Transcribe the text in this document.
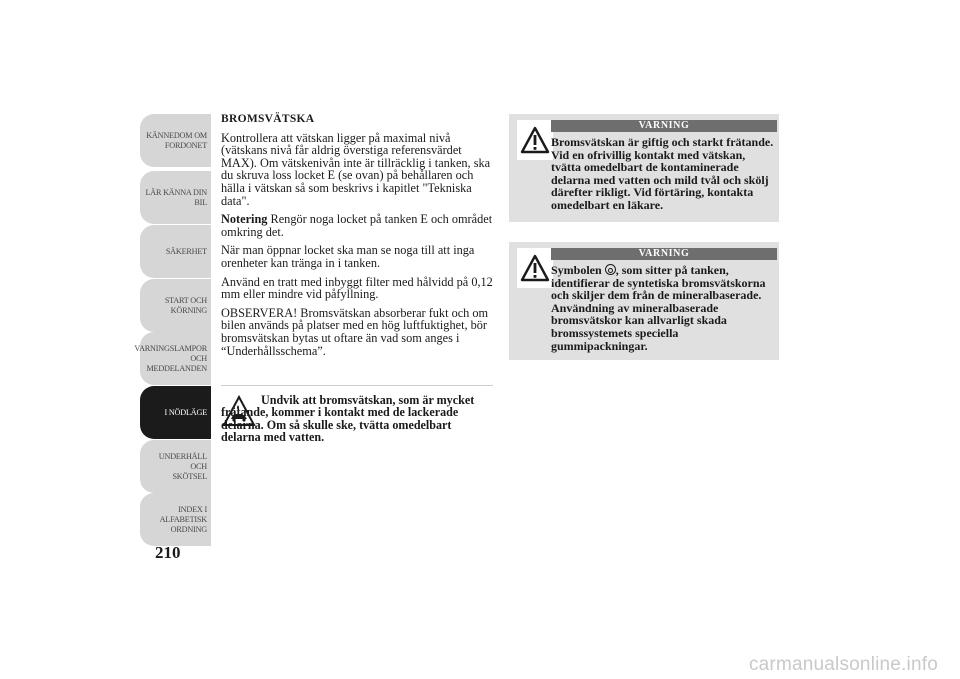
KÄNNEDOM OM
FORDONET
LÄR KÄNNA DIN
BIL
SÄKERHET
START OCH
KÖRNING
VARNINGSLAMPOR
OCH
MEDDELANDEN
I NÖDLÄGE
UNDERHÅLL OCH
SKÖTSEL
INDEX I
ALFABETISK
ORDNING
210

BROMSVÄTSKA

Kontrollera att vätskan ligger på maximal nivå (vätskans nivå får aldrig överstiga referensvärdet MAX). Om vätskenivån inte är tillräcklig i tanken, ska du skruva loss locket E (se ovan) på behållaren och hälla i vätskan så som beskrivs i kapitlet "Tekniska data".

Notering Rengör noga locket på tanken E och området omkring det.

När man öppnar locket ska man se noga till att inga orenheter kan tränga in i tanken.

Använd en tratt med inbyggt filter med hålvidd på 0,12 mm eller mindre vid påfyllning.

OBSERVERA! Bromsvätskan absorberar fukt och om bilen används på platser med en hög luftfuktighet, bör bromsvätskan bytas ut oftare än vad som anges i “Underhållsschema”.

Undvik att bromsvätskan, som är mycket frätande, kommer i kontakt med de lackerade delarna. Om så skulle ske, tvätta omedelbart delarna med vatten.
VARNING
Bromsvätskan är giftig och starkt frätande. Vid en ofrivillig kontakt med vätskan, tvätta omedelbart de kontaminerade delarna med vatten och mild tvål och skölj därefter rikligt. Vid förtäring, kontakta omedelbart en läkare.
VARNING
Symbolen , som sitter på tanken, identifierar de syntetiska bromsvätskorna och skiljer dem från de mineralbaserade. Användning av mineralbaserade bromsvätskor kan allvarligt skada bromssystemets speciella gummipackningar.
carmanualsonline.info
